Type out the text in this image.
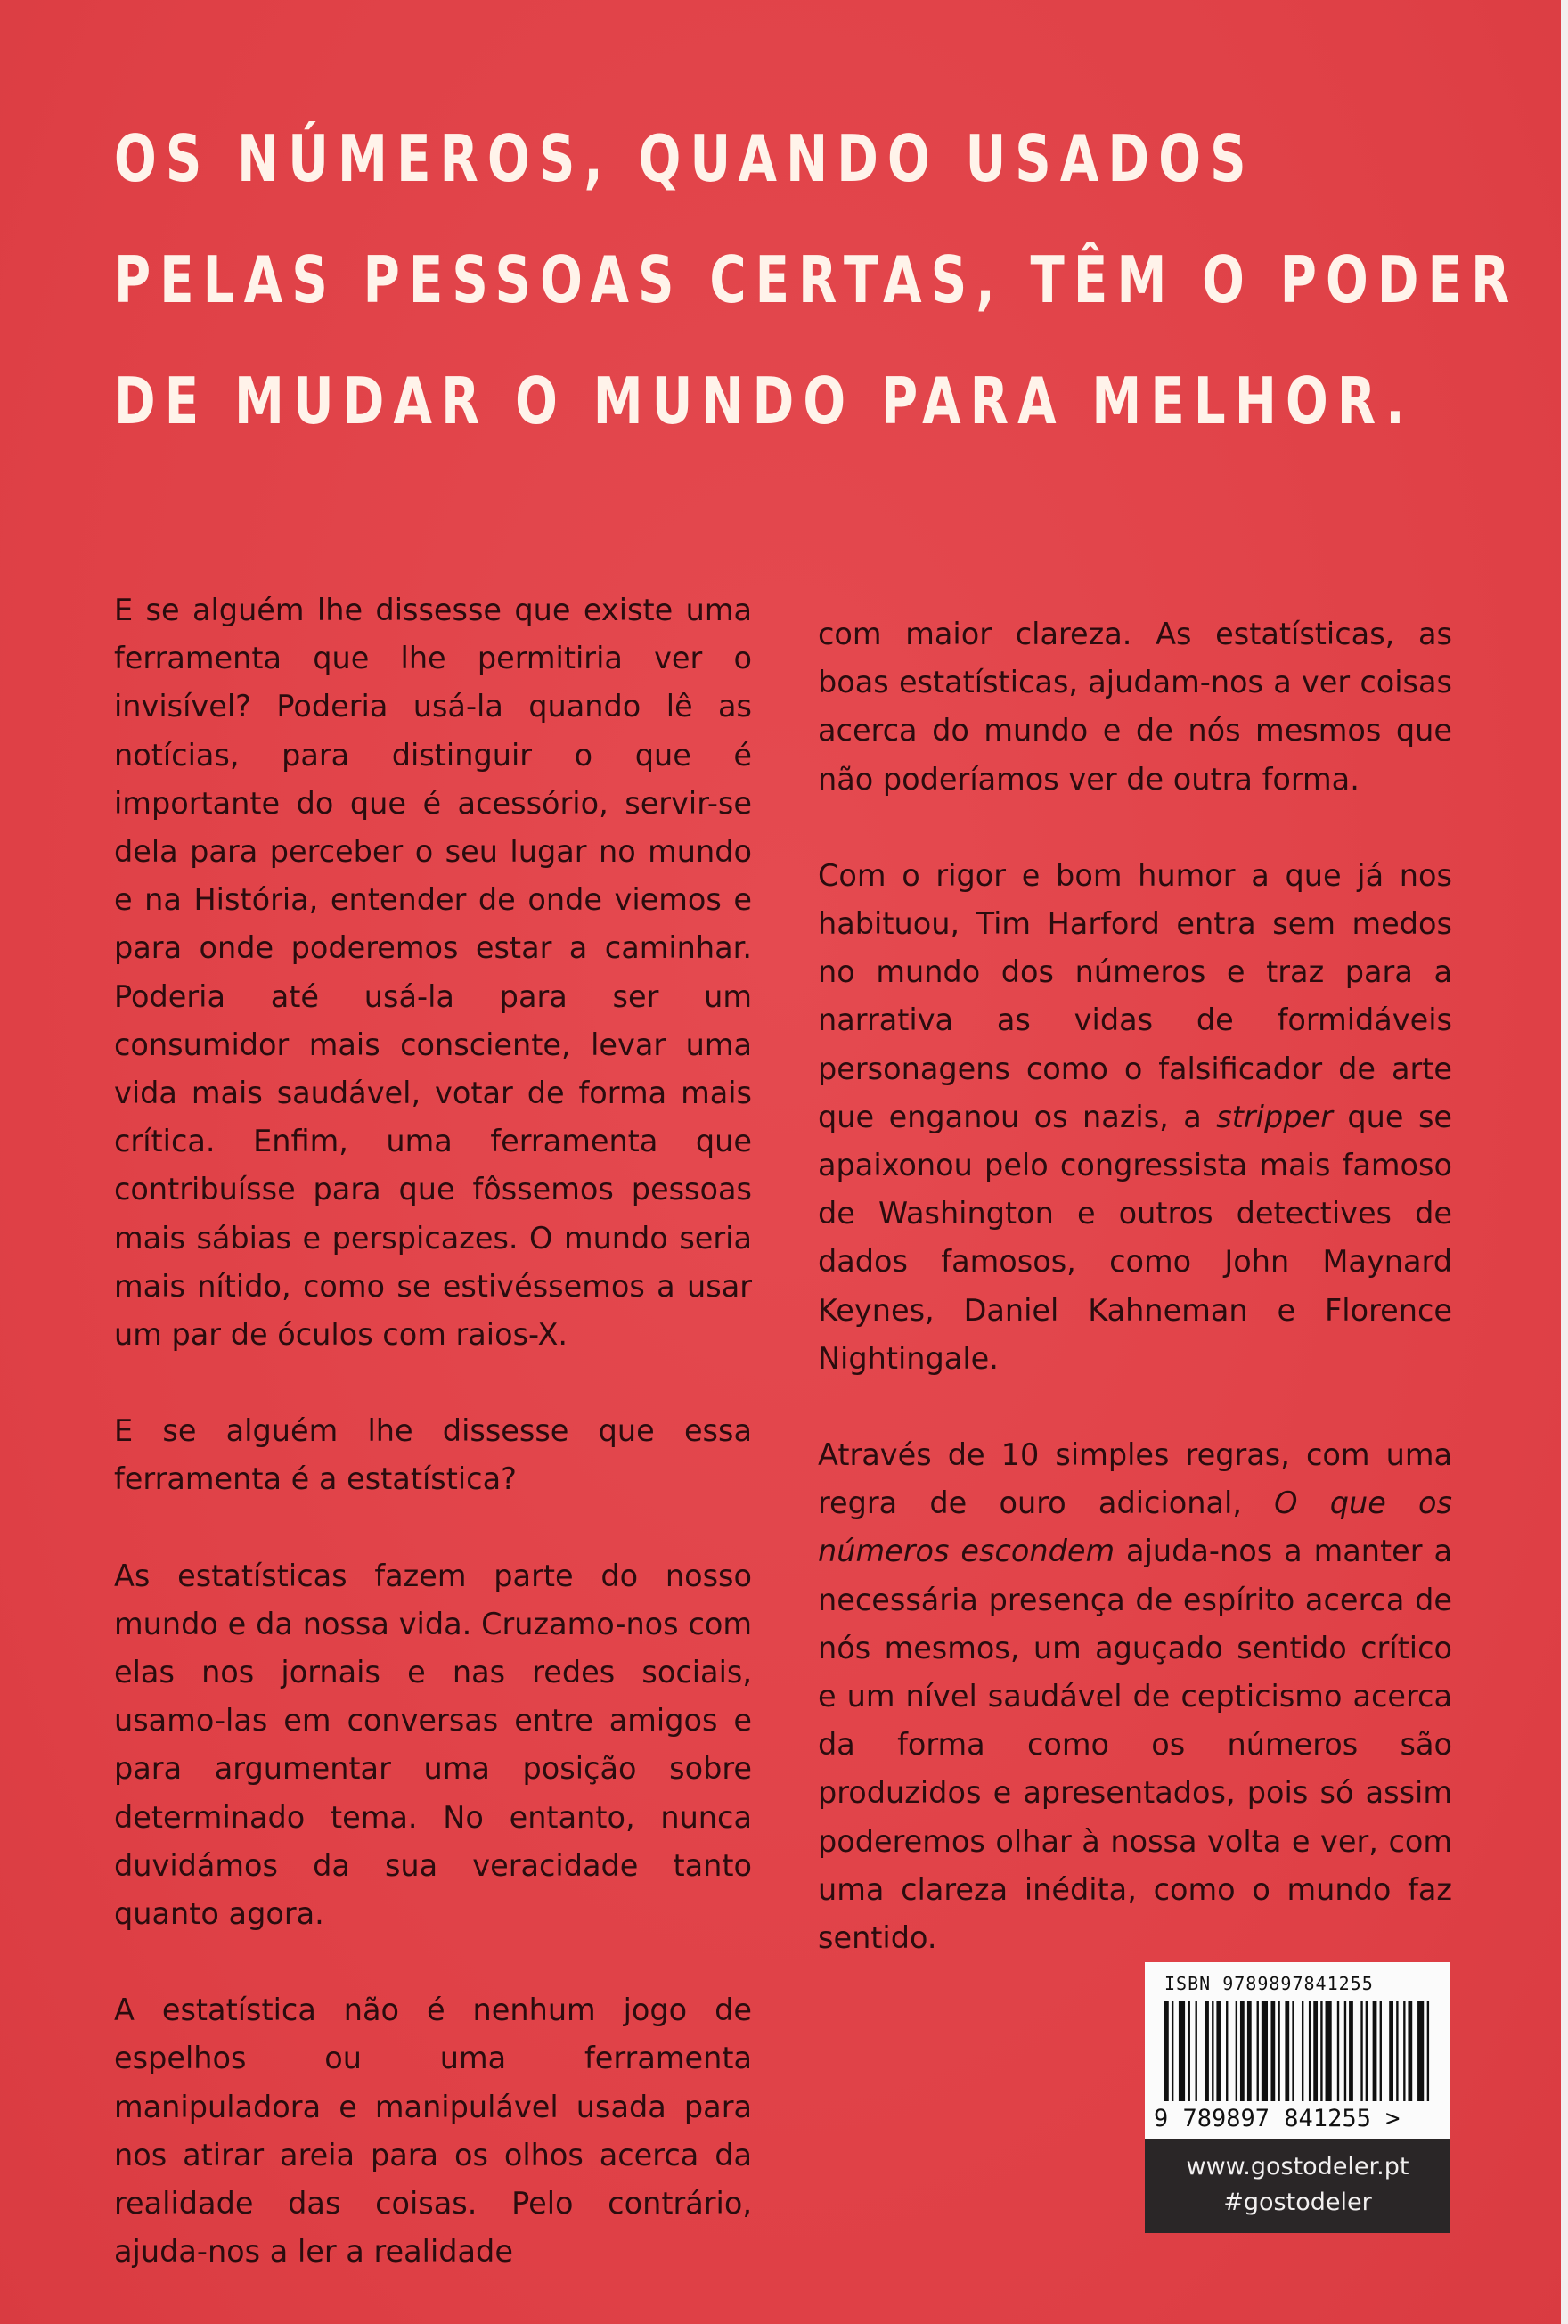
OS NÚMEROS, QUANDO USADOS
PELAS PESSOAS CERTAS, TÊM O PODER
DE MUDAR O MUNDO PARA MELHOR.

E se alguém lhe dissesse que existe uma ferramenta que lhe permitiria ver o invisível? Poderia usá-la quando lê as notícias, para distinguir o que é importante do que é acessório, servir-se dela para perceber o seu lugar no mundo e na História, entender de onde viemos e para onde poderemos estar a caminhar. Poderia até usá-la para ser um consumidor mais consciente, levar uma vida mais saudável, votar de forma mais crítica. Enfim, uma ferramenta que contribuísse para que fôssemos pessoas mais sábias e perspicazes. O mundo seria mais nítido, como se estivéssemos a usar um par de óculos com raios-X.

E se alguém lhe dissesse que essa ferramenta é a estatística?

As estatísticas fazem parte do nosso mundo e da nossa vida. Cruzamo-nos com elas nos jornais e nas redes sociais, usamo-las em conversas entre amigos e para argumentar uma posição sobre determinado tema. No entanto, nunca duvidámos da sua veracidade tanto quanto agora.

A estatística não é nenhum jogo de espelhos ou uma ferramenta manipuladora e manipulável usada para nos atirar areia para os olhos acerca da realidade das coisas. Pelo contrário, ajuda-nos a ler a realidade

com maior clareza. As estatísticas, as boas estatísticas, ajudam-nos a ver coisas acerca do mundo e de nós mesmos que não poderíamos ver de outra forma.

Com o rigor e bom humor a que já nos habituou, Tim Harford entra sem medos no mundo dos números e traz para a narrativa as vidas de formidáveis personagens como o falsificador de arte que enganou os nazis, a stripper que se apaixonou pelo congressista mais famoso de Washington e outros detectives de dados famosos, como John Maynard Keynes, Daniel Kahneman e Florence Nightingale.

Através de 10 simples regras, com uma regra de ouro adicional, O que os números escondem ajuda-nos a manter a necessária presença de espírito acerca de nós mesmos, um aguçado sentido crítico e um nível saudável de cepticismo acerca da forma como os números são produzidos e apresentados, pois só assim poderemos olhar à nossa volta e ver, com uma clareza inédita, como o mundo faz sentido.

ISBN 9789897841255
9 789897 841255 >
www.gostodeler.pt
#gostodeler
